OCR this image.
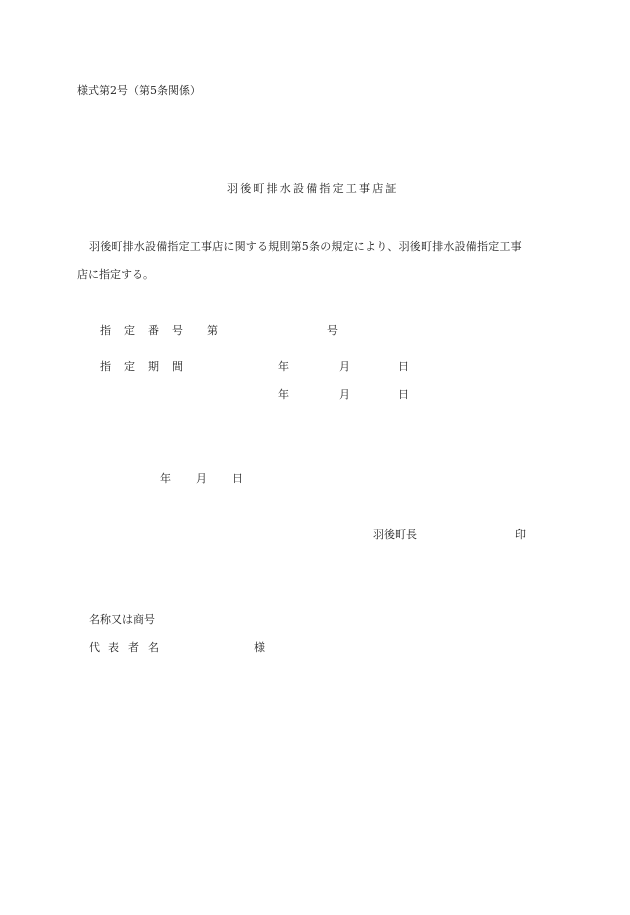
様式第2号（第5条関係）
羽後町排水設備指定工事店証
羽後町排水設備指定工事店に関する規則第5条の規定により、羽後町排水設備指定工事
店に指定する。
指 定 番 号 第	号
指 定 期 間	年	月	日
年	月	日
年 月 日
羽後町長	印
名称又は商号
代 表 者 名	様
